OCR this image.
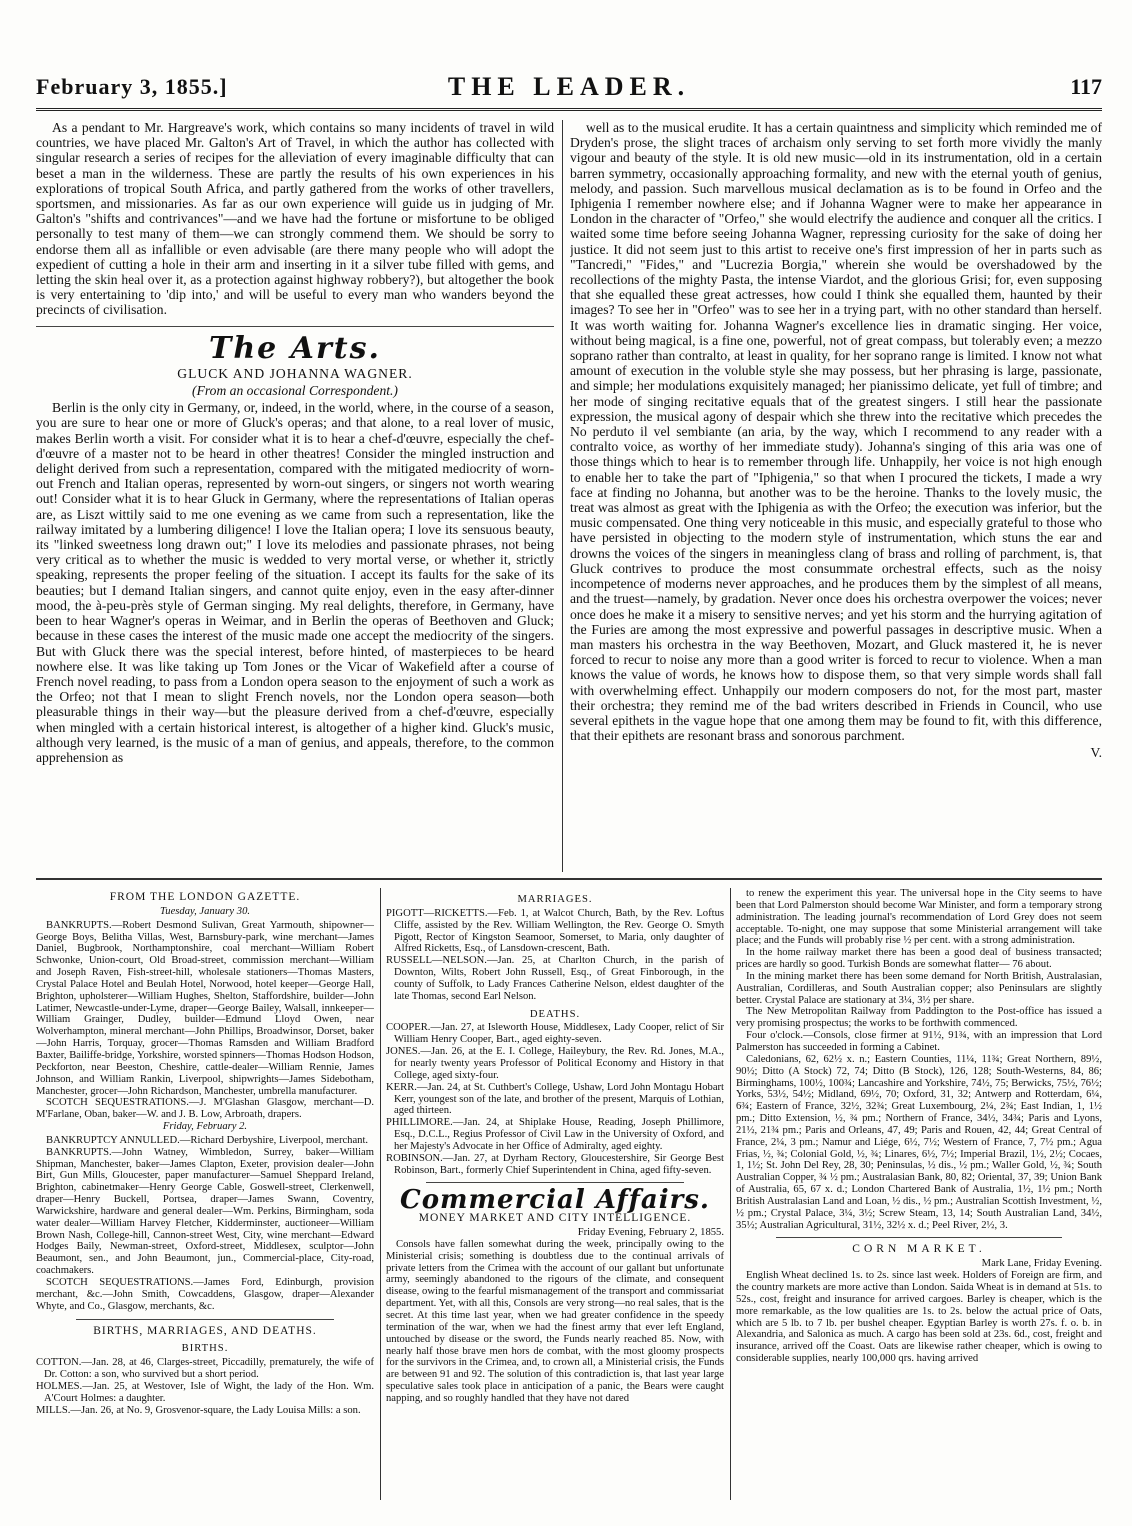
February 3, 1855.]	THE LEADER.	117

As a pendant to Mr. Hargreave's work, which contains so many incidents of travel in wild countries, we have placed Mr. Galton's Art of Travel, in which the author has collected with singular research a series of recipes for the alleviation of every imaginable difficulty that can beset a man in the wilderness. These are partly the results of his own experiences in his explorations of tropical South Africa, and partly gathered from the works of other travellers, sportsmen, and missionaries. As far as our own experience will guide us in judging of Mr. Galton's "shifts and contrivances"—and we have had the fortune or misfortune to be obliged personally to test many of them—we can strongly commend them. We should be sorry to endorse them all as infallible or even advisable (are there many people who will adopt the expedient of cutting a hole in their arm and inserting in it a silver tube filled with gems, and letting the skin heal over it, as a protection against highway robbery?), but altogether the book is very entertaining to 'dip into,' and will be useful to every man who wanders beyond the precincts of civilisation.

The Arts.
GLUCK AND JOHANNA WAGNER.
(From an occasional Correspondent.)

Berlin is the only city in Germany, or, indeed, in the world, where, in the course of a season, you are sure to hear one or more of Gluck's operas; and that alone, to a real lover of music, makes Berlin worth a visit. For consider what it is to hear a chef-d'œuvre, especially the chef-d'œuvre of a master not to be heard in other theatres! Consider the mingled instruction and delight derived from such a representation, compared with the mitigated mediocrity of worn-out French and Italian operas, represented by worn-out singers, or singers not worth wearing out! Consider what it is to hear Gluck in Germany, where the representations of Italian operas are, as Liszt wittily said to me one evening as we came from such a representation, like the railway imitated by a lumbering diligence! I love the Italian opera; I love its sensuous beauty, its "linked sweetness long drawn out;" I love its melodies and passionate phrases, not being very critical as to whether the music is wedded to very mortal verse, or whether it, strictly speaking, represents the proper feeling of the situation. I accept its faults for the sake of its beauties; but I demand Italian singers, and cannot quite enjoy, even in the easy after-dinner mood, the à-peu-près style of German singing. My real delights, therefore, in Germany, have been to hear Wagner's operas in Weimar, and in Berlin the operas of Beethoven and Gluck; because in these cases the interest of the music made one accept the mediocrity of the singers. But with Gluck there was the special interest, before hinted, of masterpieces to be heard nowhere else. It was like taking up Tom Jones or the Vicar of Wakefield after a course of French novel reading, to pass from a London opera season to the enjoyment of such a work as the Orfeo; not that I mean to slight French novels, nor the London opera season—both pleasurable things in their way—but the pleasure derived from a chef-d'œuvre, especially when mingled with a certain historical interest, is altogether of a higher kind. Gluck's music, although very learned, is the music of a man of genius, and appeals, therefore, to the common apprehension as

well as to the musical erudite. It has a certain quaintness and simplicity which reminded me of Dryden's prose, the slight traces of archaism only serving to set forth more vividly the manly vigour and beauty of the style. It is old new music—old in its instrumentation, old in a certain barren symmetry, occasionally approaching formality, and new with the eternal youth of genius, melody, and passion. Such marvellous musical declamation as is to be found in Orfeo and the Iphigenia I remember nowhere else; and if Johanna Wagner were to make her appearance in London in the character of "Orfeo," she would electrify the audience and conquer all the critics. I waited some time before seeing Johanna Wagner, repressing curiosity for the sake of doing her justice. It did not seem just to this artist to receive one's first impression of her in parts such as "Tancredi," "Fides," and "Lucrezia Borgia," wherein she would be overshadowed by the recollections of the mighty Pasta, the intense Viardot, and the glorious Grisi; for, even supposing that she equalled these great actresses, how could I think she equalled them, haunted by their images? To see her in "Orfeo" was to see her in a trying part, with no other standard than herself. It was worth waiting for. Johanna Wagner's excellence lies in dramatic singing. Her voice, without being magical, is a fine one, powerful, not of great compass, but tolerably even; a mezzo soprano rather than contralto, at least in quality, for her soprano range is limited. I know not what amount of execution in the voluble style she may possess, but her phrasing is large, passionate, and simple; her modulations exquisitely managed; her pianissimo delicate, yet full of timbre; and her mode of singing recitative equals that of the greatest singers. I still hear the passionate expression, the musical agony of despair which she threw into the recitative which precedes the No perduto il vel sembiante (an aria, by the way, which I recommend to any reader with a contralto voice, as worthy of her immediate study). Johanna's singing of this aria was one of those things which to hear is to remember through life. Unhappily, her voice is not high enough to enable her to take the part of "Iphigenia," so that when I procured the tickets, I made a wry face at finding no Johanna, but another was to be the heroine. Thanks to the lovely music, the treat was almost as great with the Iphigenia as with the Orfeo; the execution was inferior, but the music compensated. One thing very noticeable in this music, and especially grateful to those who have persisted in objecting to the modern style of instrumentation, which stuns the ear and drowns the voices of the singers in meaningless clang of brass and rolling of parchment, is, that Gluck contrives to produce the most consummate orchestral effects, such as the noisy incompetence of moderns never approaches, and he produces them by the simplest of all means, and the truest—namely, by gradation. Never once does his orchestra overpower the voices; never once does he make it a misery to sensitive nerves; and yet his storm and the hurrying agitation of the Furies are among the most expressive and powerful passages in descriptive music. When a man masters his orchestra in the way Beethoven, Mozart, and Gluck mastered it, he is never forced to recur to noise any more than a good writer is forced to recur to violence. When a man knows the value of words, he knows how to dispose them, so that very simple words shall fall with overwhelming effect. Unhappily our modern composers do not, for the most part, master their orchestra; they remind me of the bad writers described in Friends in Council, who use several epithets in the vague hope that one among them may be found to fit, with this difference, that their epithets are resonant brass and sonorous parchment.

V.
FROM THE LONDON GAZETTE.
Tuesday, January 30.

BANKRUPTS.—Robert Desmond Sulivan, Great Yarmouth, shipowner—George Boys, Belitha Villas, West, Barnsbury-park, wine merchant—James Daniel, Bugbrook, Northamptonshire, coal merchant—William Robert Schwonke, Union-court, Old Broad-street, commission merchant—William and Joseph Raven, Fish-street-hill, wholesale stationers—Thomas Masters, Crystal Palace Hotel and Beulah Hotel, Norwood, hotel keeper—George Hall, Brighton, upholsterer—William Hughes, Shelton, Staffordshire, builder—John Latimer, Newcastle-under-Lyme, draper—George Bailey, Walsall, innkeeper—William Grainger, Dudley, builder—Edmund Lloyd Owen, near Wolverhampton, mineral merchant—John Phillips, Broadwinsor, Dorset, baker—John Harris, Torquay, grocer—Thomas Ramsden and William Bradford Baxter, Bailiffe-bridge, Yorkshire, worsted spinners—Thomas Hodson Hodson, Peckforton, near Beeston, Cheshire, cattle-dealer—William Rennie, James Johnson, and William Rankin, Liverpool, shipwrights—James Sidebotham, Manchester, grocer—John Richardson, Manchester, umbrella manufacturer.

SCOTCH SEQUESTRATIONS.—J. M'Glashan Glasgow, merchant—D. M'Farlane, Oban, baker—W. and J. B. Low, Arbroath, drapers.

Friday, February 2.

BANKRUPTCY ANNULLED.—Richard Derbyshire, Liverpool, merchant.

BANKRUPTS.—John Watney, Wimbledon, Surrey, baker—William Shipman, Manchester, baker—James Clapton, Exeter, provision dealer—John Birt, Gun Mills, Gloucester, paper manufacturer—Samuel Sheppard Ireland, Brighton, cabinetmaker—Henry George Cable, Goswell-street, Clerkenwell, draper—Henry Buckell, Portsea, draper—James Swann, Coventry, Warwickshire, hardware and general dealer—Wm. Perkins, Birmingham, soda water dealer—William Harvey Fletcher, Kidderminster, auctioneer—William Brown Nash, College-hill, Cannon-street West, City, wine merchant—Edward Hodges Baily, Newman-street, Oxford-street, Middlesex, sculptor—John Beaumont, sen., and John Beaumont, jun., Commercial-place, City-road, coachmakers.

SCOTCH SEQUESTRATIONS.—James Ford, Edinburgh, provision merchant, &c.—John Smith, Cowcaddens, Glasgow, draper—Alexander Whyte, and Co., Glasgow, merchants, &c.

BIRTHS, MARRIAGES, AND DEATHS.
BIRTHS.
COTTON.—Jan. 28, at 46, Clarges-street, Piccadilly, prematurely, the wife of Dr. Cotton: a son, who survived but a short period.
HOLMES.—Jan. 25, at Westover, Isle of Wight, the lady of the Hon. Wm. A'Court Holmes: a daughter.
MILLS.—Jan. 26, at No. 9, Grosvenor-square, the Lady Louisa Mills: a son.
MARRIAGES.
PIGOTT—RICKETTS.—Feb. 1, at Walcot Church, Bath, by the Rev. Loftus Cliffe, assisted by the Rev. William Wellington, the Rev. George O. Smyth Pigott, Rector of Kingston Seamoor, Somerset, to Maria, only daughter of Alfred Ricketts, Esq., of Lansdown-crescent, Bath.
RUSSELL—NELSON.—Jan. 25, at Charlton Church, in the parish of Downton, Wilts, Robert John Russell, Esq., of Great Finborough, in the county of Suffolk, to Lady Frances Catherine Nelson, eldest daughter of the late Thomas, second Earl Nelson.
DEATHS.
COOPER.—Jan. 27, at Isleworth House, Middlesex, Lady Cooper, relict of Sir William Henry Cooper, Bart., aged eighty-seven.
JONES.—Jan. 26, at the E. I. College, Haileybury, the Rev. Rd. Jones, M.A., for nearly twenty years Professor of Political Economy and History in that College, aged sixty-four.
KERR.—Jan. 24, at St. Cuthbert's College, Ushaw, Lord John Montagu Hobart Kerr, youngest son of the late, and brother of the present, Marquis of Lothian, aged thirteen.
PHILLIMORE.—Jan. 24, at Shiplake House, Reading, Joseph Phillimore, Esq., D.C.L., Regius Professor of Civil Law in the University of Oxford, and her Majesty's Advocate in her Office of Admiralty, aged eighty.
ROBINSON.—Jan. 27, at Dyrham Rectory, Gloucestershire, Sir George Best Robinson, Bart., formerly Chief Superintendent in China, aged fifty-seven.
Commercial Affairs.
MONEY MARKET AND CITY INTELLIGENCE.
Friday Evening, February 2, 1855.

Consols have fallen somewhat during the week, principally owing to the Ministerial crisis; something is doubtless due to the continual arrivals of private letters from the Crimea with the account of our gallant but unfortunate army, seemingly abandoned to the rigours of the climate, and consequent disease, owing to the fearful mismanagement of the transport and commissariat department. Yet, with all this, Consols are very strong—no real sales, that is the secret. At this time last year, when we had greater confidence in the speedy termination of the war, when we had the finest army that ever left England, untouched by disease or the sword, the Funds nearly reached 85. Now, with nearly half those brave men hors de combat, with the most gloomy prospects for the survivors in the Crimea, and, to crown all, a Ministerial crisis, the Funds are between 91 and 92. The solution of this contradiction is, that last year large speculative sales took place in anticipation of a panic, the Bears were caught napping, and so roughly handled that they have not dared

to renew the experiment this year. The universal hope in the City seems to have been that Lord Palmerston should become War Minister, and form a temporary strong administration. The leading journal's recommendation of Lord Grey does not seem acceptable. To-night, one may suppose that some Ministerial arrangement will take place; and the Funds will probably rise ½ per cent. with a strong administration.

In the home railway market there has been a good deal of business transacted; prices are hardly so good. Turkish Bonds are somewhat flatter— 76 about.

In the mining market there has been some demand for North British, Australasian, Australian, Cordilleras, and South Australian copper; also Peninsulars are slightly better. Crystal Palace are stationary at 3¼, 3½ per share.

The New Metropolitan Railway from Paddington to the Post-office has issued a very promising prospectus; the works to be forthwith commenced.

Four o'clock.—Consols, close firmer at 91½, 91¾, with an impression that Lord Palmerston has succeeded in forming a Cabinet.

Caledonians, 62, 62½ x. n.; Eastern Counties, 11¼, 11¾; Great Northern, 89½, 90½; Ditto (A Stock) 72, 74; Ditto (B Stock), 126, 128; South-Westerns, 84, 86; Birminghams, 100½, 100¾; Lancashire and Yorkshire, 74½, 75; Berwicks, 75½, 76½; Yorks, 53½, 54½; Midland, 69½, 70; Oxford, 31, 32; Antwerp and Rotterdam, 6¼, 6¾; Eastern of France, 32½, 32¾; Great Luxembourg, 2¼, 2¾; East Indian, 1, 1½ pm.; Ditto Extension, ½, ¾ pm.; Northern of France, 34½, 34¾; Paris and Lyons, 21½, 21¾ pm.; Paris and Orleans, 47, 49; Paris and Rouen, 42, 44; Great Central of France, 2¼, 3 pm.; Namur and Liége, 6½, 7½; Western of France, 7, 7½ pm.; Agua Frias, ½, ¾; Colonial Gold, ½, ¾; Linares, 6½, 7½; Imperial Brazil, 1½, 2½; Cocaes, 1, 1½; St. John Del Rey, 28, 30; Peninsulas, ½ dis., ½ pm.; Waller Gold, ½, ¾; South Australian Copper, ¾ ½ pm.; Australasian Bank, 80, 82; Oriental, 37, 39; Union Bank of Australia, 65, 67 x. d.; London Chartered Bank of Australia, 1½, 1½ pm.; North British Australasian Land and Loan, ½ dis., ½ pm.; Australian Scottish Investment, ½, ½ pm.; Crystal Palace, 3¼, 3½; Screw Steam, 13, 14; South Australian Land, 34½, 35½; Australian Agricultural, 31½, 32½ x. d.; Peel River, 2½, 3.

CORN MARKET.
Mark Lane, Friday Evening.

English Wheat declined 1s. to 2s. since last week. Holders of Foreign are firm, and the country markets are more active than London. Saida Wheat is in demand at 51s. to 52s., cost, freight and insurance for arrived cargoes. Barley is cheaper, which is the more remarkable, as the low qualities are 1s. to 2s. below the actual price of Oats, which are 5 lb. to 7 lb. per bushel cheaper. Egyptian Barley is worth 27s. f. o. b. in Alexandria, and Salonica as much. A cargo has been sold at 23s. 6d., cost, freight and insurance, arrived off the Coast. Oats are likewise rather cheaper, which is owing to considerable supplies, nearly 100,000 qrs. having arrived
